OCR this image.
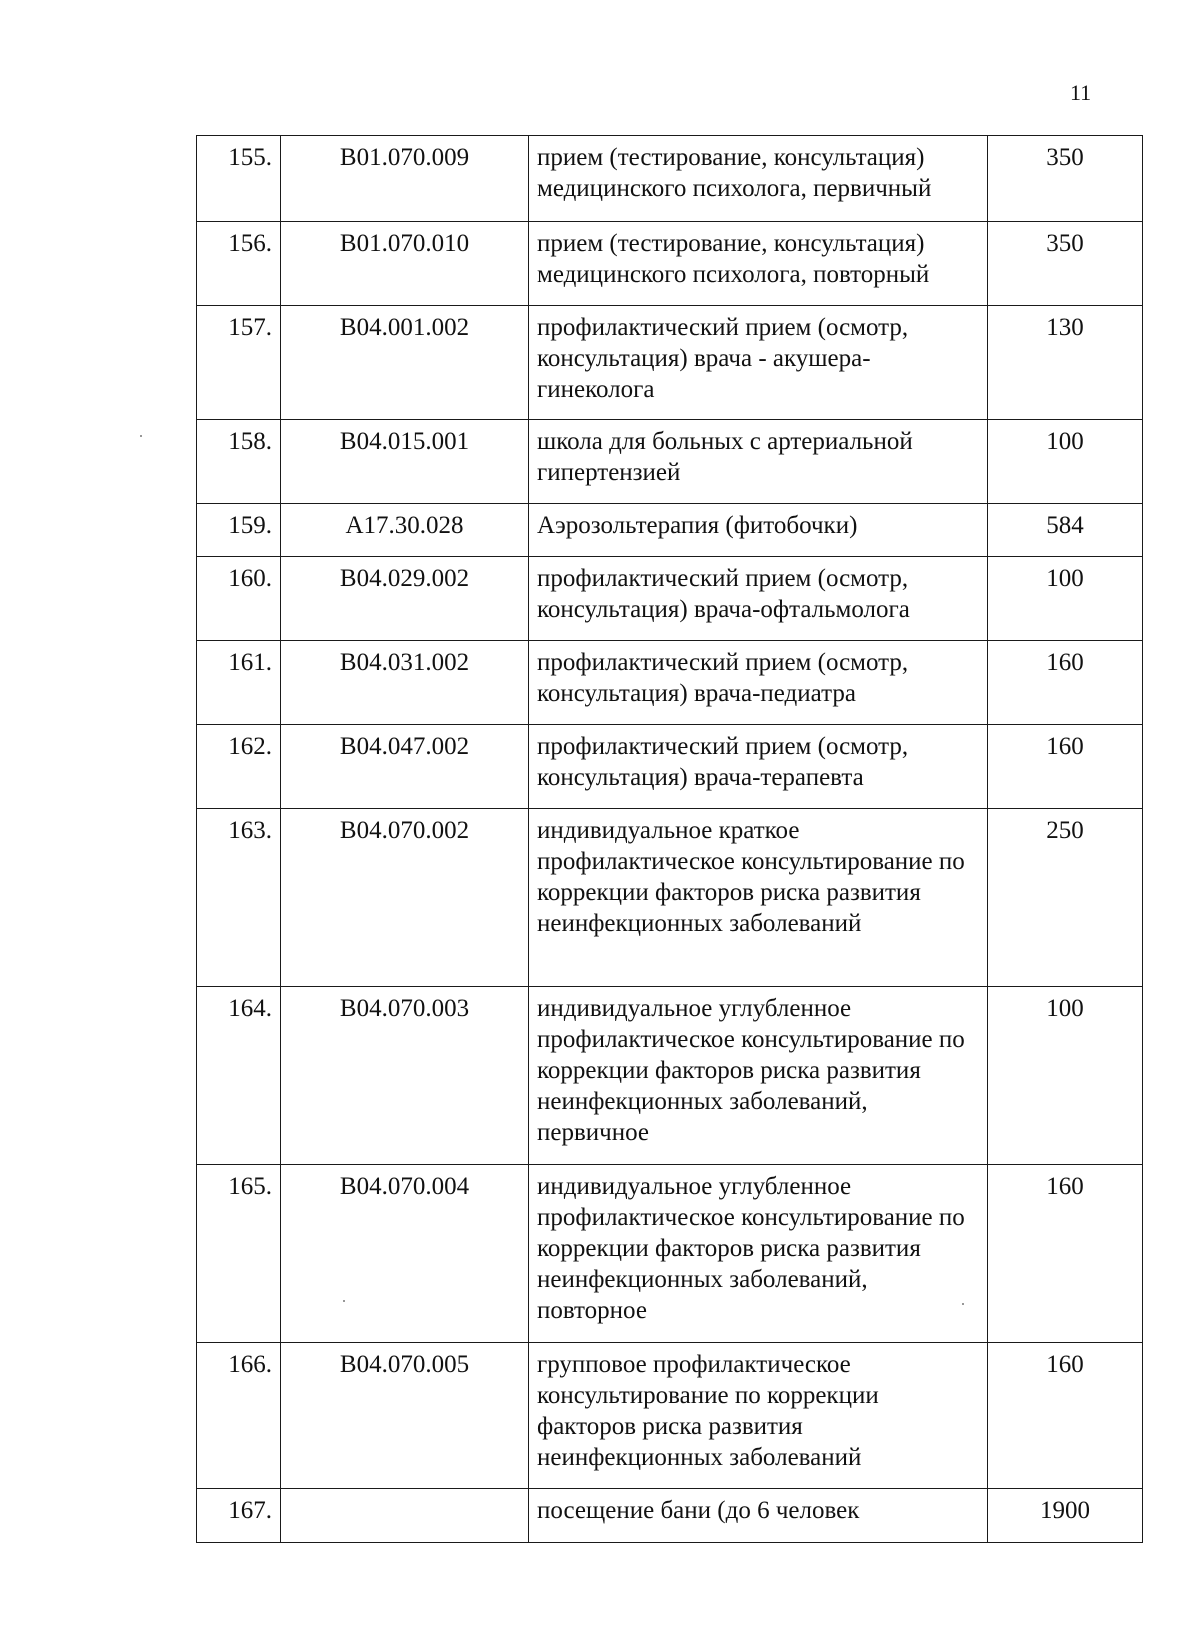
11
155.	B01.070.009	прием (тестирование, консультация) медицинского психолога, первичный	350
156.	B01.070.010	прием (тестирование, консультация) медицинского психолога, повторный	350
157.	B04.001.002	профилактический прием (осмотр, консультация) врача - акушера-гинеколога	130
158.	B04.015.001	школа для больных с артериальной гипертензией	100
159.	A17.30.028	Аэрозольтерапия (фитобочки)	584
160.	B04.029.002	профилактический прием (осмотр, консультация) врача-офтальмолога	100
161.	B04.031.002	профилактический прием (осмотр, консультация) врача-педиатра	160
162.	B04.047.002	профилактический прием (осмотр, консультация) врача-терапевта	160
163.	B04.070.002	индивидуальное краткое профилактическое консультирование по коррекции факторов риска развития неинфекционных заболеваний	250
164.	B04.070.003	индивидуальное углубленное профилактическое консультирование по коррекции факторов риска развития неинфекционных заболеваний, первичное	100
165.	B04.070.004	индивидуальное углубленное профилактическое консультирование по коррекции факторов риска развития неинфекционных заболеваний, повторное	160
166.	B04.070.005	групповое профилактическое консультирование по коррекции факторов риска развития неинфекционных заболеваний	160
167.		посещение бани (до 6 человек	1900
